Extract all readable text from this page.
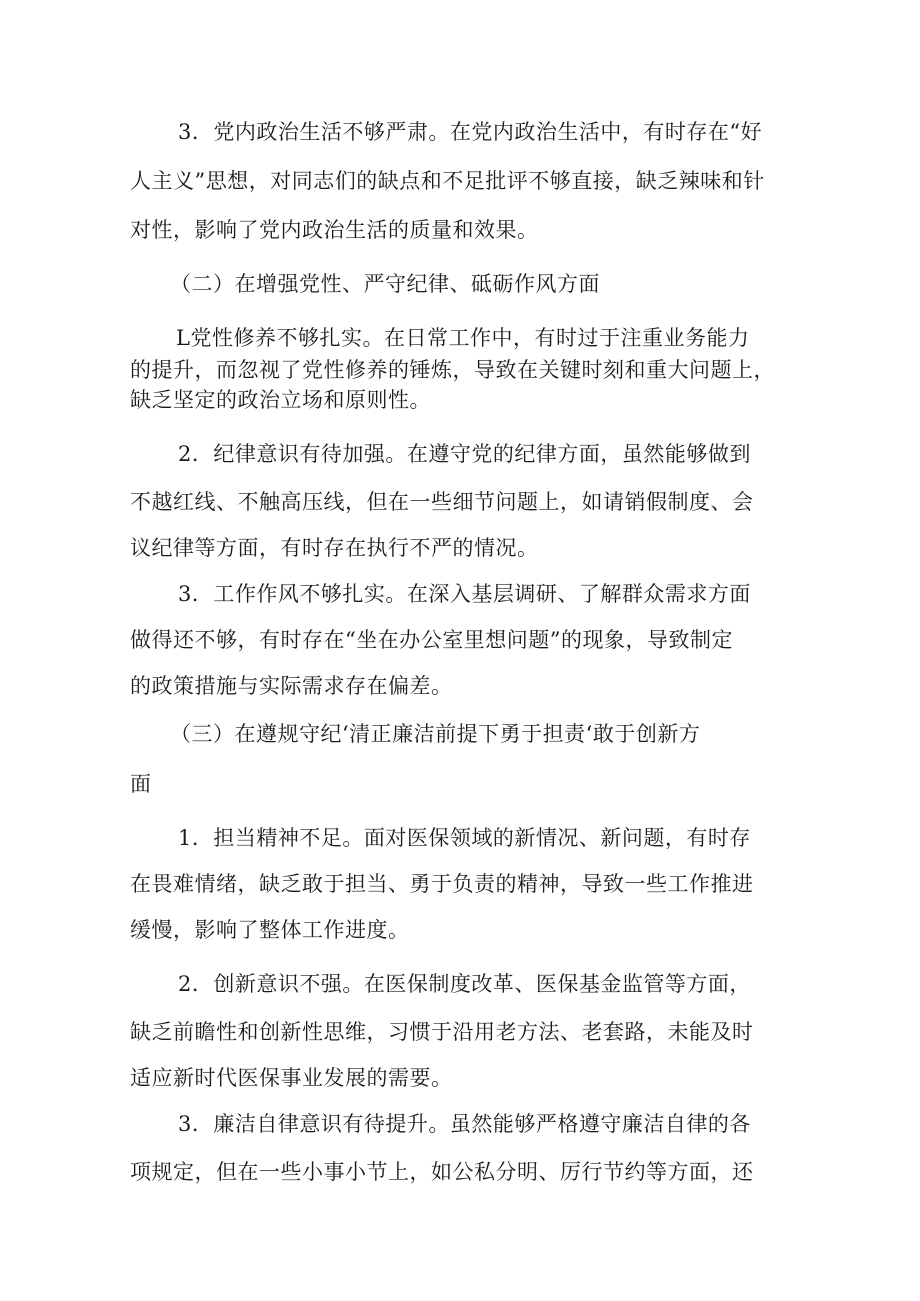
3．党内政治生活不够严肃。在党内政治生活中，有时存在“好
人主义”思想，对同志们的缺点和不足批评不够直接，缺乏辣味和针
对性，影响了党内政治生活的质量和效果。
（二）在增强党性、严守纪律、砥砺作风方面
L党性修养不够扎实。在日常工作中，有时过于注重业务能力
的提升，而忽视了党性修养的锤炼，导致在关键时刻和重大问题上，
缺乏坚定的政治立场和原则性。
2．纪律意识有待加强。在遵守党的纪律方面，虽然能够做到
不越红线、不触高压线，但在一些细节问题上，如请销假制度、会
议纪律等方面，有时存在执行不严的情况。
3．工作作风不够扎实。在深入基层调研、了解群众需求方面
做得还不够，有时存在“坐在办公室里想问题”的现象，导致制定
的政策措施与实际需求存在偏差。
（三）在遵规守纪‘清正廉洁前提下勇于担责‘敢于创新方
面
1．担当精神不足。面对医保领域的新情况、新问题，有时存
在畏难情绪，缺乏敢于担当、勇于负责的精神，导致一些工作推进
缓慢，影响了整体工作进度。
2．创新意识不强。在医保制度改革、医保基金监管等方面，
缺乏前瞻性和创新性思维，习惯于沿用老方法、老套路，未能及时
适应新时代医保事业发展的需要。
3．廉洁自律意识有待提升。虽然能够严格遵守廉洁自律的各
项规定，但在一些小事小节上，如公私分明、厉行节约等方面，还
